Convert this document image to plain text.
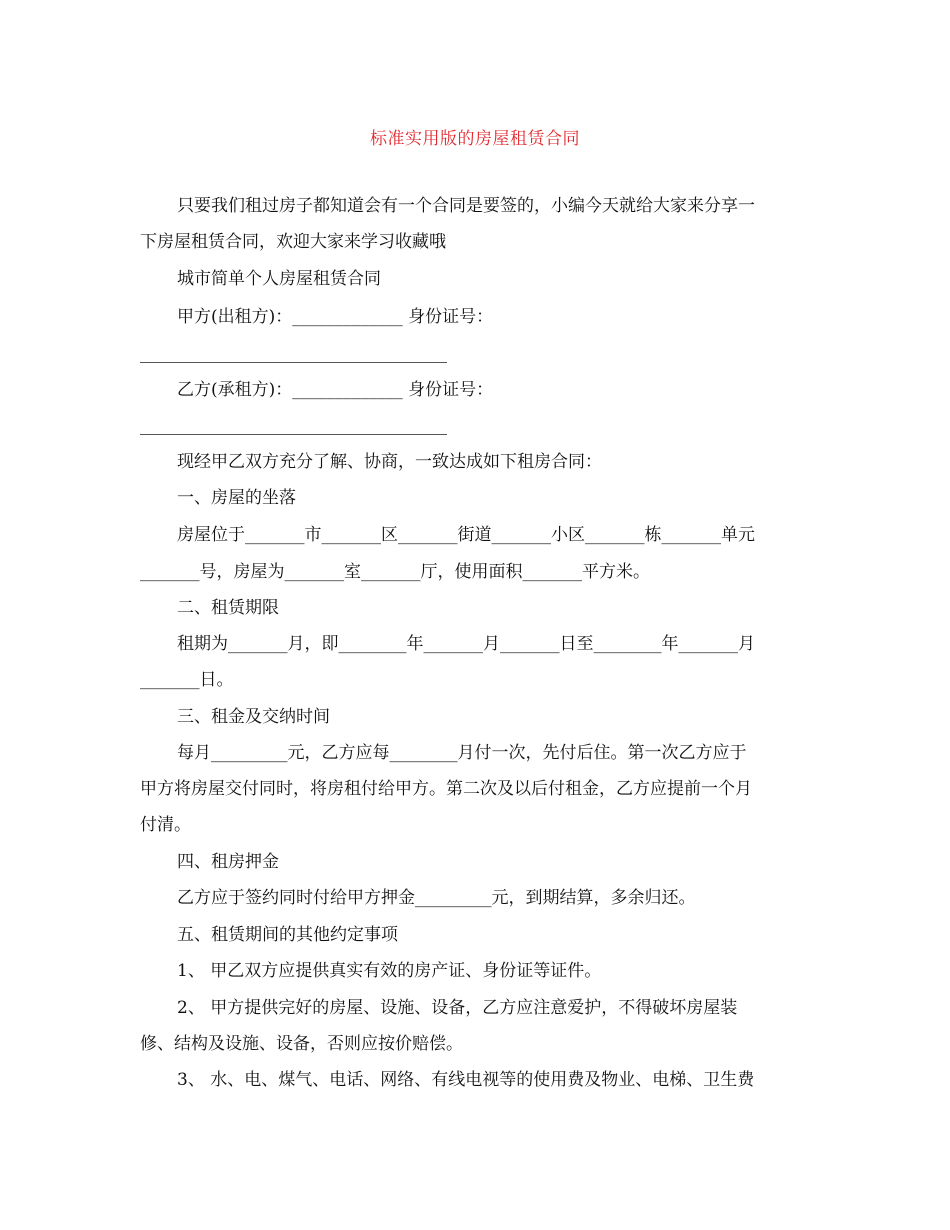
标准实用版的房屋租赁合同
只要我们租过房子都知道会有一个合同是要签的，小编今天就给大家来分享一
下房屋租赁合同，欢迎大家来学习收藏哦
城市简单个人房屋租赁合同
甲方(出租方)：_____________ 身份证号：
乙方(承租方)：_____________ 身份证号：
现经甲乙双方充分了解、协商，一致达成如下租房合同：
一、房屋的坐落
房屋位于_______市_______区_______街道_______小区_______栋_______单元
_______号，房屋为_______室_______厅，使用面积_______平方米。
二、租赁期限
租期为_______月，即________年_______月_______日至________年_______月
_______日。
三、租金及交纳时间
每月_________元，乙方应每________月付一次，先付后住。第一次乙方应于
甲方将房屋交付同时，将房租付给甲方。第二次及以后付租金，乙方应提前一个月
付清。
四、租房押金
乙方应于签约同时付给甲方押金_________元，到期结算，多余归还。
五、租赁期间的其他约定事项
1、 甲乙双方应提供真实有效的房产证、身份证等证件。
2、 甲方提供完好的房屋、设施、设备，乙方应注意爱护，不得破坏房屋装
修、结构及设施、设备，否则应按价赔偿。
3、 水、电、煤气、电话、网络、有线电视等的使用费及物业、电梯、卫生费
